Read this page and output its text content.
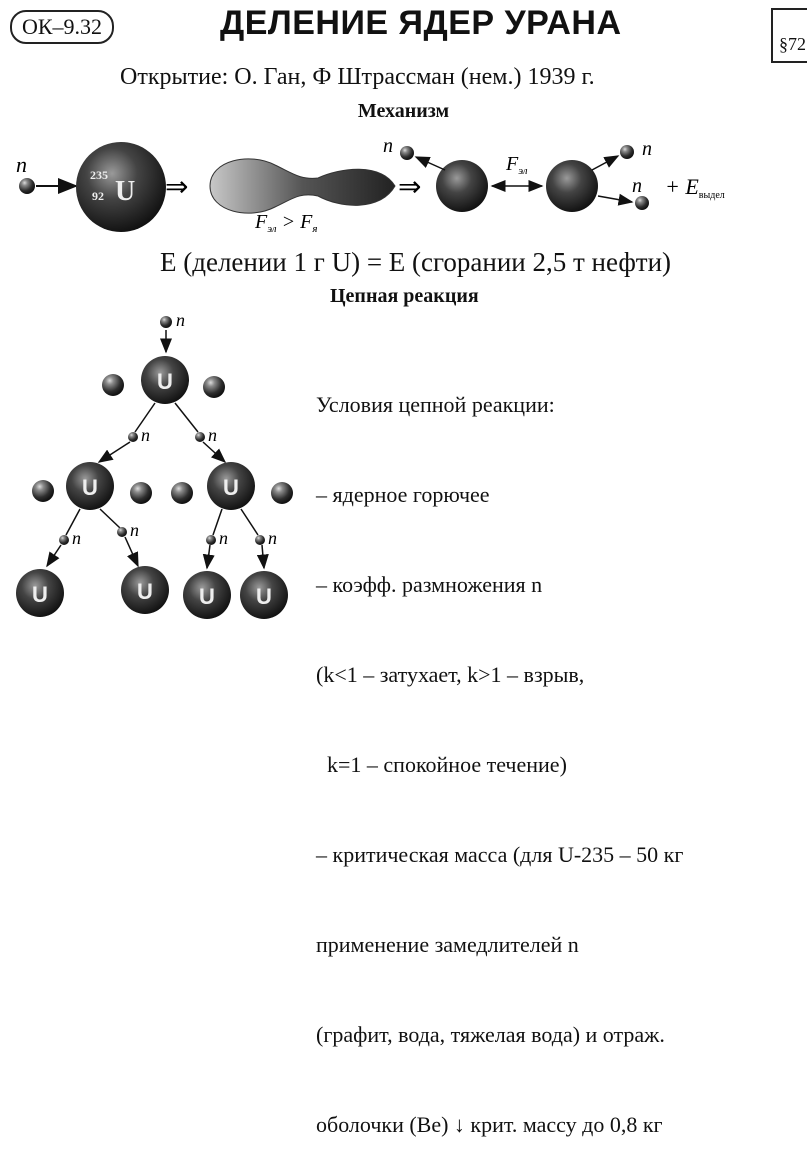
ОК–9.32	ДЕЛЕНИЕ ЯДЕР УРАНА
§72
Открытие: О. Ган, Ф Штрассман (нем.) 1939 г.
Механизм
n	235
92 U ⇒
$F_{эл} > F_я$
⇒
$F_{эл}$
n	n
n + Eвыдел
n
U
n	n
U	U
n	n	n n
U	U U U
E (делении 1 г U) = E (сгорании 2,5 т нефти)
Цепная реакция

Условия цепной реакции:

– ядерное горючее

– коэфф. размножения n

(k<1 – затухает, k>1 – взрыв,

k=1 – спокойное течение)

– критическая масса (для U-235 – 50 кг

применение замедлителей n

(графит, вода, тяжелая вода) и отраж.

оболочки (Be) ↓ крит. массу до 0,8 кг
